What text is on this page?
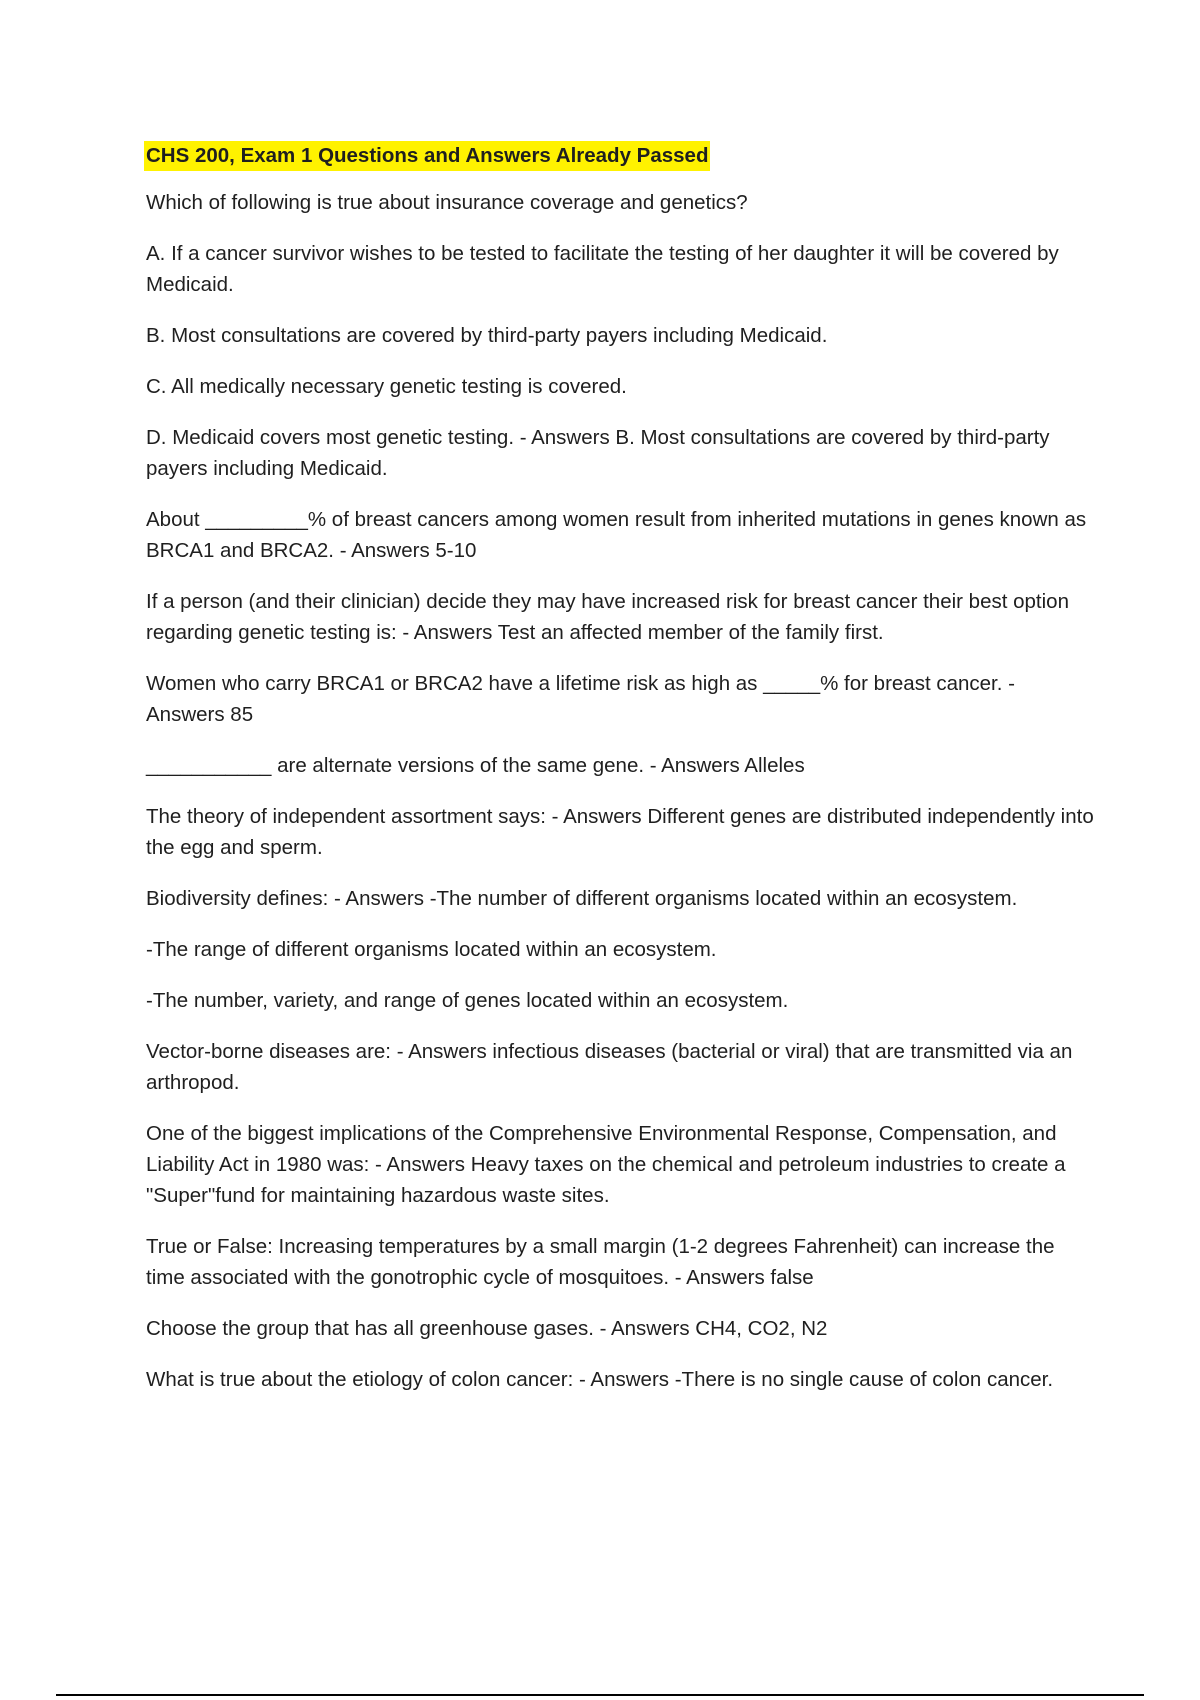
CHS 200, Exam 1 Questions and Answers Already Passed

Which of following is true about insurance coverage and genetics?

A. If a cancer survivor wishes to be tested to facilitate the testing of her daughter it will be covered by Medicaid.

B. Most consultations are covered by third-party payers including Medicaid.

C. All medically necessary genetic testing is covered.

D. Medicaid covers most genetic testing. - Answers B. Most consultations are covered by third-party payers including Medicaid.

About _________% of breast cancers among women result from inherited mutations in genes known as BRCA1 and BRCA2. - Answers 5-10

If a person (and their clinician) decide they may have increased risk for breast cancer their best option regarding genetic testing is: - Answers Test an affected member of the family first.

Women who carry BRCA1 or BRCA2 have a lifetime risk as high as _____% for breast cancer. - Answers 85

___________ are alternate versions of the same gene. - Answers Alleles

The theory of independent assortment says: - Answers Different genes are distributed independently into the egg and sperm.

Biodiversity defines: - Answers -The number of different organisms located within an ecosystem.

-The range of different organisms located within an ecosystem.

-The number, variety, and range of genes located within an ecosystem.

Vector-borne diseases are: - Answers infectious diseases (bacterial or viral) that are transmitted via an arthropod.

One of the biggest implications of the Comprehensive Environmental Response, Compensation, and Liability Act in 1980 was: - Answers Heavy taxes on the chemical and petroleum industries to create a "Super"fund for maintaining hazardous waste sites.

True or False: Increasing temperatures by a small margin (1-2 degrees Fahrenheit) can increase the time associated with the gonotrophic cycle of mosquitoes. - Answers false

Choose the group that has all greenhouse gases. - Answers CH4, CO2, N2

What is true about the etiology of colon cancer: - Answers -There is no single cause of colon cancer.
